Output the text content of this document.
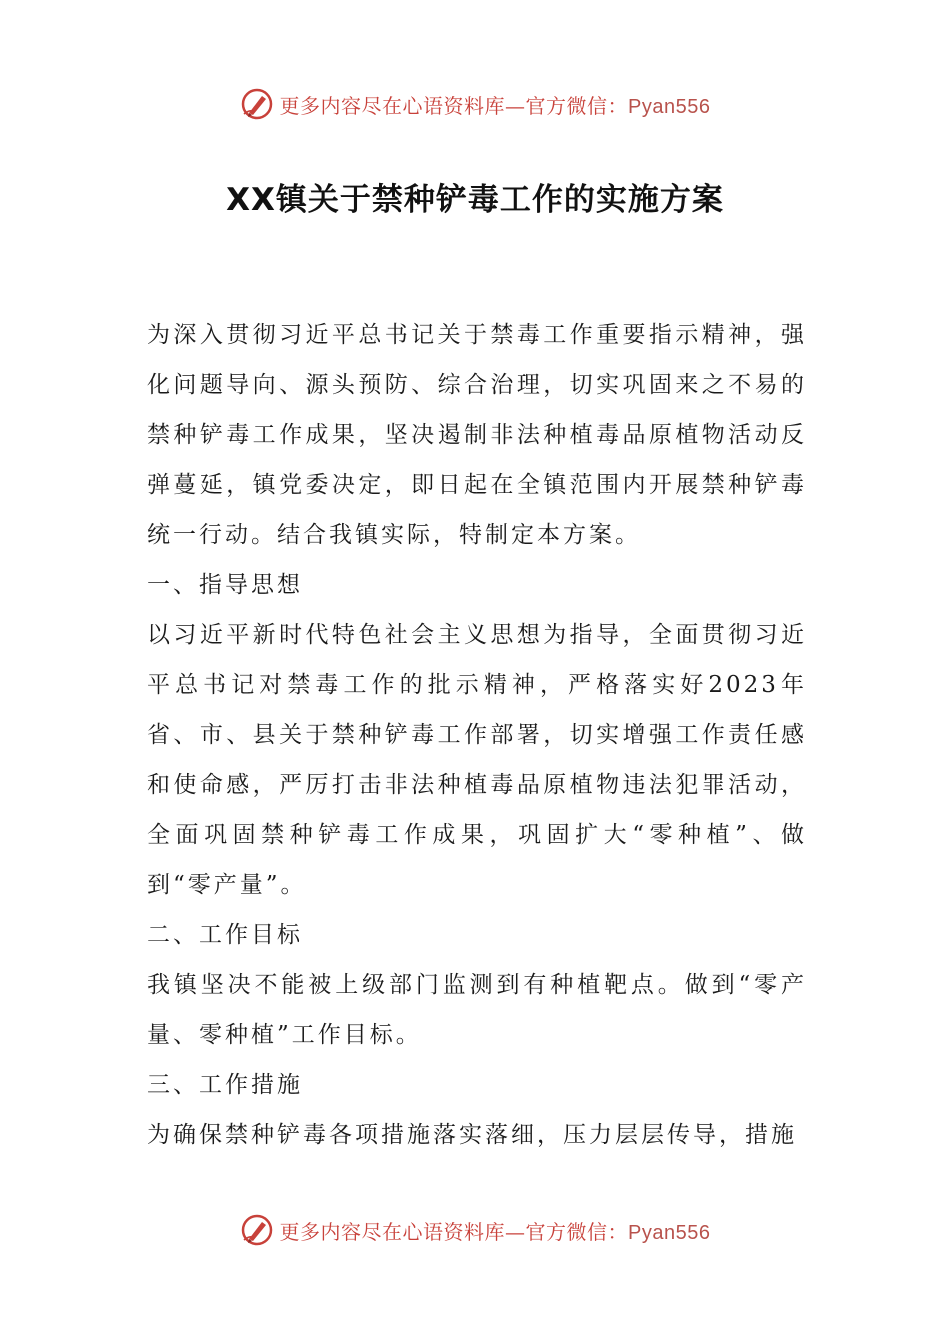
更多内容尽在心语资料库—官方微信：Pyan556
XX镇关于禁种铲毒工作的实施方案

为深入贯彻习近平总书记关于禁毒工作重要指示精神，强化问题导向、源头预防、综合治理，切实巩固来之不易的禁种铲毒工作成果，坚决遏制非法种植毒品原植物活动反弹蔓延，镇党委决定，即日起在全镇范围内开展禁种铲毒统一行动。结合我镇实际，特制定本方案。

一、指导思想

以习近平新时代特色社会主义思想为指导，全面贯彻习近平总书记对禁毒工作的批示精神，严格落实好2023年省、市、县关于禁种铲毒工作部署，切实增强工作责任感和使命感，严厉打击非法种植毒品原植物违法犯罪活动，全面巩固禁种铲毒工作成果，巩固扩大“零种植”、做到“零产量”。

二、工作目标

我镇坚决不能被上级部门监测到有种植靶点。做到“零产量、零种植”工作目标。

三、工作措施

为确保禁种铲毒各项措施落实落细，压力层层传导，措施

更多内容尽在心语资料库—官方微信：Pyan556
